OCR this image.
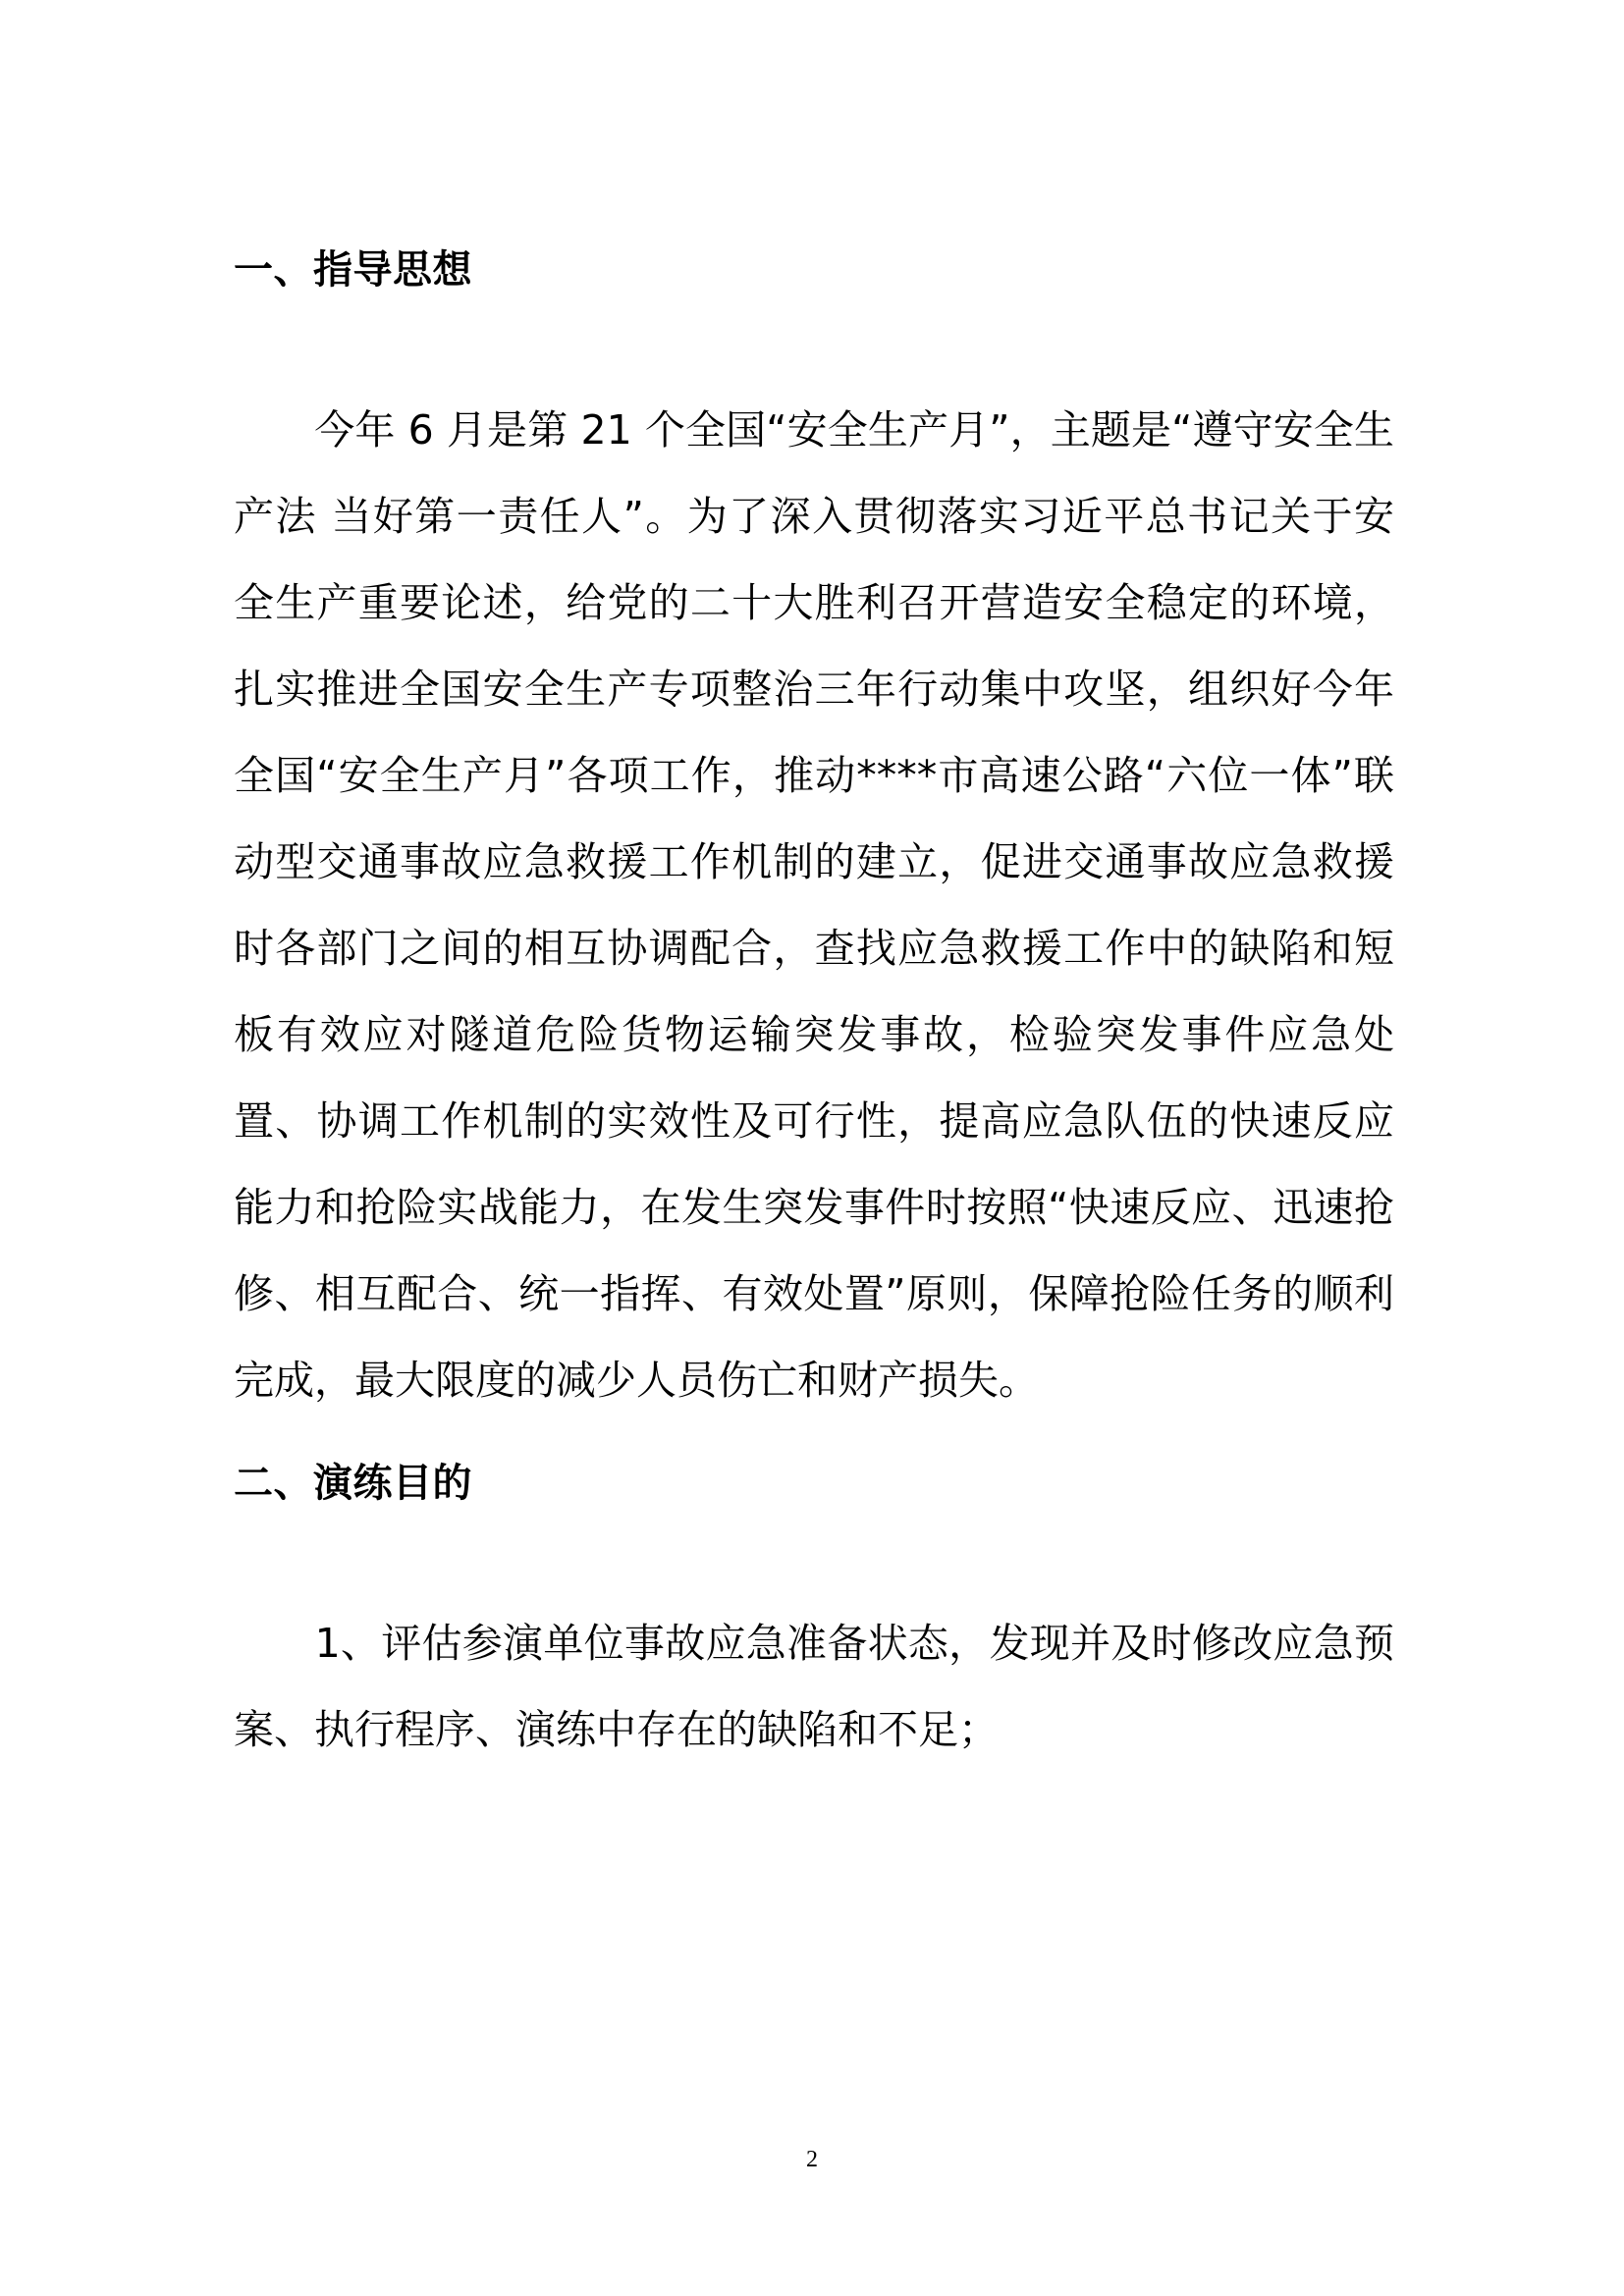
一、指导思想

　　今年 6 月是第 21 个全国“安全生产月”，主题是“遵守安全生产法 当好第一责任人”。为了深入贯彻落实习近平总书记关于安全生产重要论述，给党的二十大胜利召开营造安全稳定的环境，扎实推进全国安全生产专项整治三年行动集中攻坚，组织好今年全国“安全生产月”各项工作，推动****市高速公路“六位一体”联动型交通事故应急救援工作机制的建立，促进交通事故应急救援时各部门之间的相互协调配合，查找应急救援工作中的缺陷和短板有效应对隧道危险货物运输突发事故，检验突发事件应急处置、协调工作机制的实效性及可行性，提高应急队伍的快速反应能力和抢险实战能力，在发生突发事件时按照“快速反应、迅速抢修、相互配合、统一指挥、有效处置”原则，保障抢险任务的顺利完成，最大限度的减少人员伤亡和财产损失。

二、演练目的

　　1、评估参演单位事故应急准备状态，发现并及时修改应急预案、执行程序、演练中存在的缺陷和不足；

2
